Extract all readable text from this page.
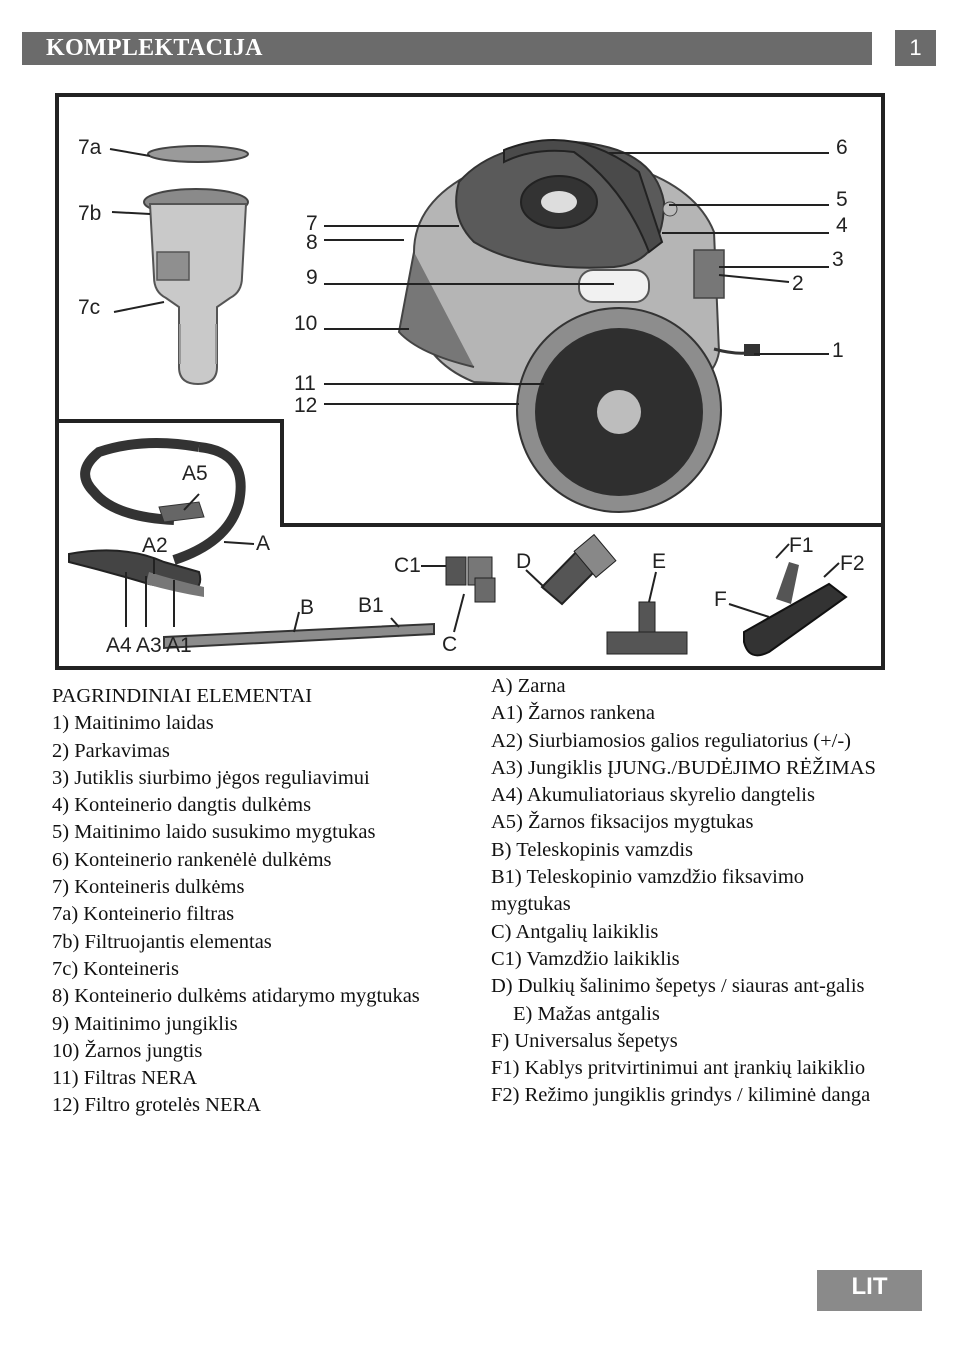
KOMPLEKTACIJA	1
7a
7b
7c
7
8
9
10
11
12
6
5
4
3
2
1
A5
A2	A
A4 A3 A1
B B1
C1
C
D	E
F
F1
F2
PAGRINDINIAI ELEMENTAI
1) Maitinimo laidas
2) Parkavimas
3) Jutiklis siurbimo jėgos reguliavimui
4) Konteinerio dangtis dulkėms
5) Maitinimo laido susukimo mygtukas
6) Konteinerio rankenėlė dulkėms
7) Konteineris dulkėms
7a) Konteinerio filtras
7b) Filtruojantis elementas
7c) Konteineris
8) Konteinerio dulkėms atidarymo mygtukas
9) Maitinimo jungiklis
10) Žarnos jungtis
11) Filtras NERA
12) Filtro grotelės NERA
A) Zarna
A1) Žarnos rankena
A2) Siurbiamosios galios reguliatorius (+/-)
A3) Jungiklis ĮJUNG./BUDĖJIMO RĖŽIMAS
A4) Akumuliatoriaus skyrelio dangtelis
A5) Žarnos fiksacijos mygtukas
B) Teleskopinis vamzdis
B1) Teleskopinio vamzdžio fiksavimo mygtukas
C) Antgalių laikiklis
C1) Vamzdžio laikiklis
D) Dulkių šalinimo šepetys / siauras ant-galis
E) Mažas antgalis
F) Universalus šepetys
F1) Kablys pritvirtinimui ant įrankių laikiklio
F2) Režimo jungiklis grindys / kiliminė danga
LIT
